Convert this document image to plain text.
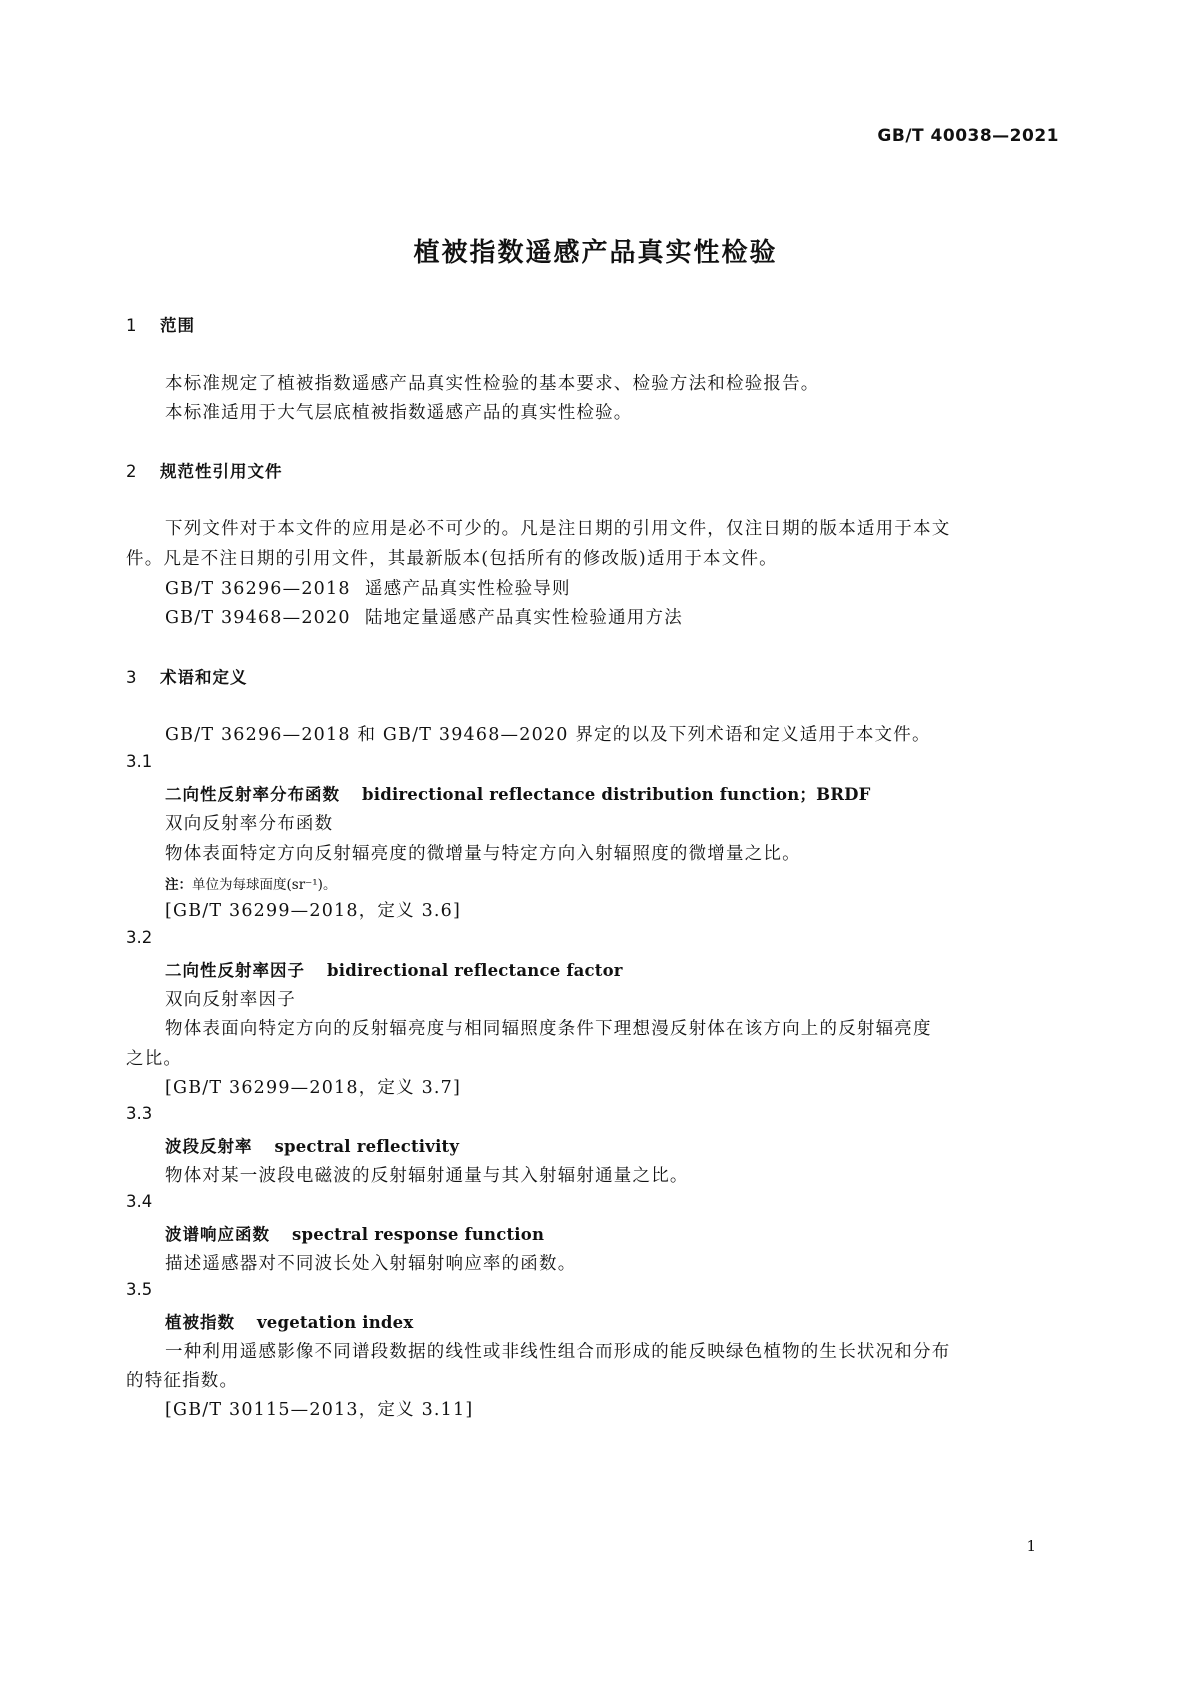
GB/T 40038—2021
植被指数遥感产品真实性检验
1 范围
本标准规定了植被指数遥感产品真实性检验的基本要求、检验方法和检验报告。
本标准适用于大气层底植被指数遥感产品的真实性检验。
2 规范性引用文件
下列文件对于本文件的应用是必不可少的。凡是注日期的引用文件，仅注日期的版本适用于本文
件。凡是不注日期的引用文件，其最新版本(包括所有的修改版)适用于本文件。
GB/T 36296—2018 遥感产品真实性检验导则
GB/T 39468—2020 陆地定量遥感产品真实性检验通用方法
3 术语和定义
GB/T 36296—2018 和 GB/T 39468—2020 界定的以及下列术语和定义适用于本文件。
3.1
二向性反射率分布函数 bidirectional reflectance distribution function；BRDF
双向反射率分布函数
物体表面特定方向反射辐亮度的微增量与特定方向入射辐照度的微增量之比。
注：单位为每球面度(sr⁻¹)。
[GB/T 36299—2018，定义 3.6]
3.2
二向性反射率因子 bidirectional reflectance factor
双向反射率因子
物体表面向特定方向的反射辐亮度与相同辐照度条件下理想漫反射体在该方向上的反射辐亮度
之比。
[GB/T 36299—2018，定义 3.7]
3.3
波段反射率 spectral reflectivity
物体对某一波段电磁波的反射辐射通量与其入射辐射通量之比。
3.4
波谱响应函数 spectral response function
描述遥感器对不同波长处入射辐射响应率的函数。
3.5
植被指数 vegetation index
一种利用遥感影像不同谱段数据的线性或非线性组合而形成的能反映绿色植物的生长状况和分布
的特征指数。
[GB/T 30115—2013，定义 3.11]
1
